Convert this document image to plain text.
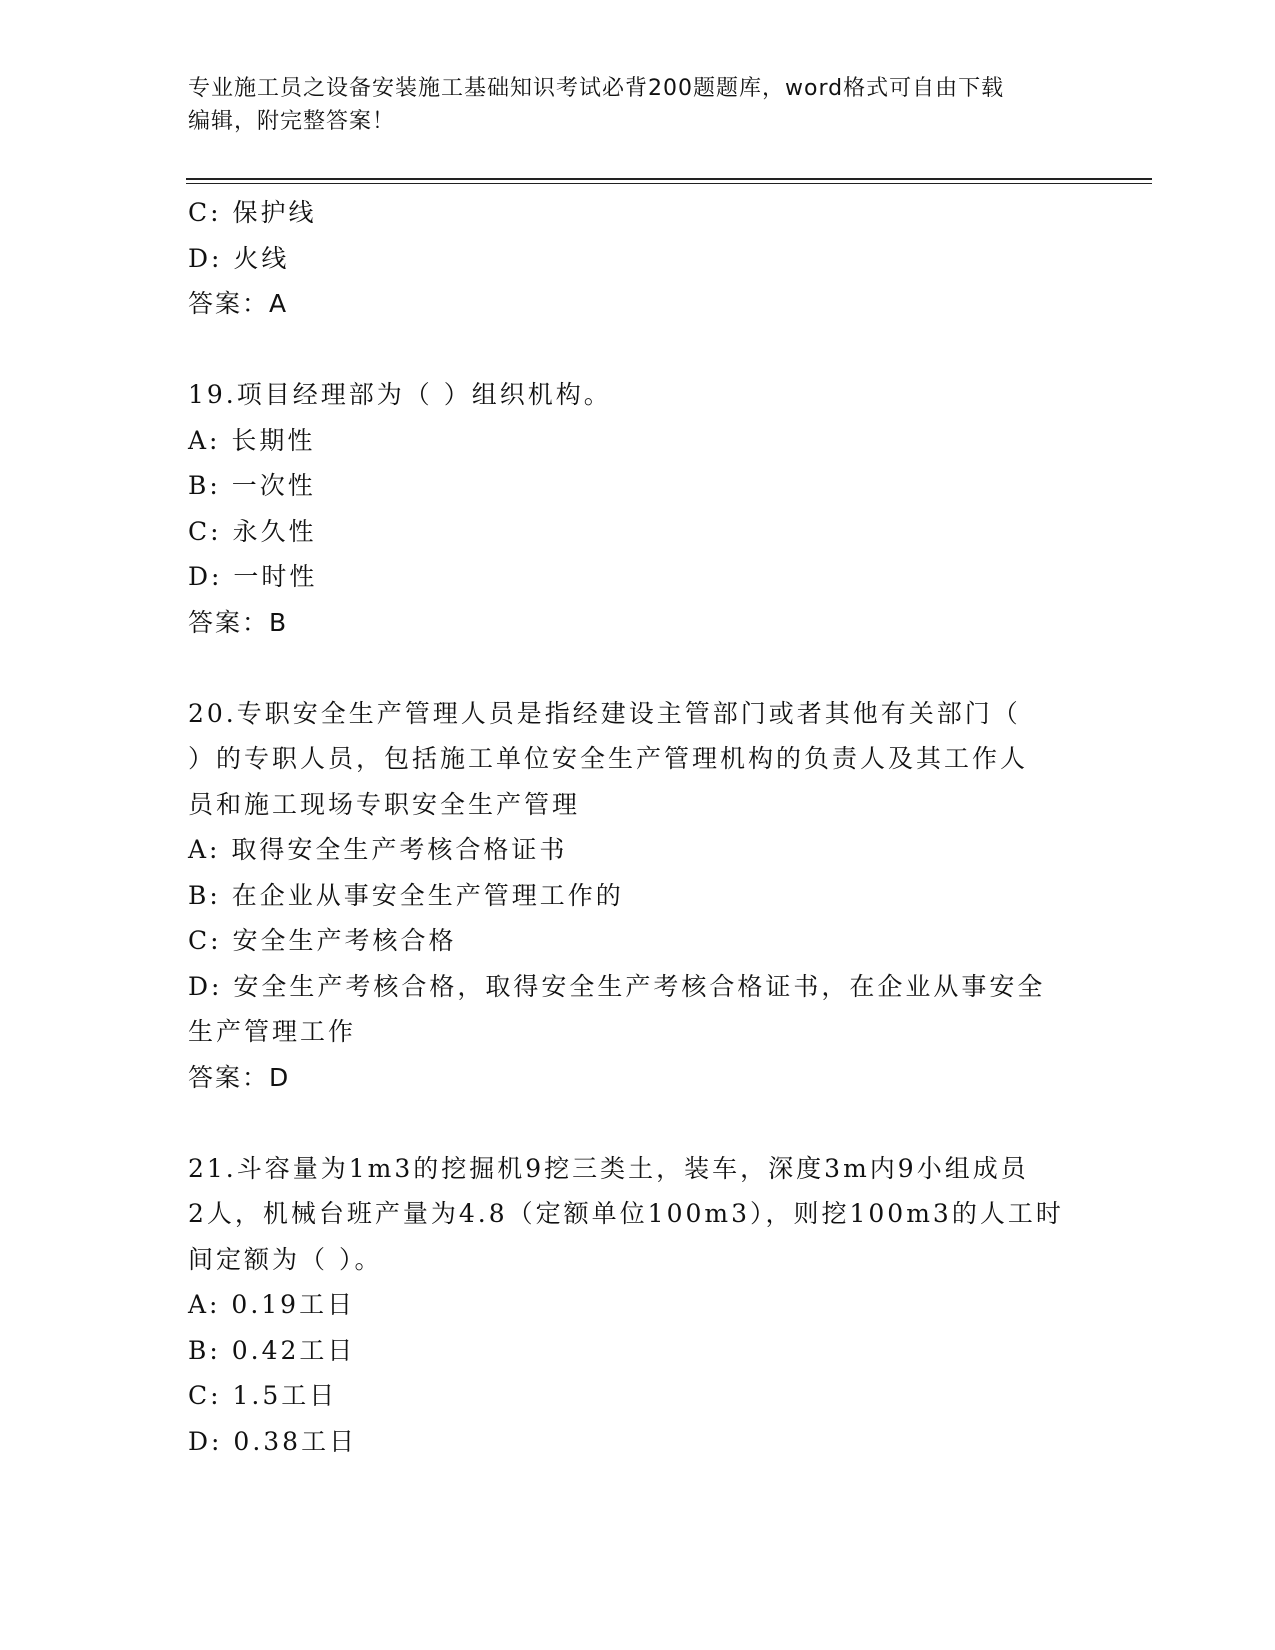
专业施工员之设备安装施工基础知识考试必背200题题库，word格式可自由下载
编辑，附完整答案！
C: 保护线
D: 火线
答案：A
19.项目经理部为（ ）组织机构。
A: 长期性
B: 一次性
C: 永久性
D: 一时性
答案：B
20.专职安全生产管理人员是指经建设主管部门或者其他有关部门（
）的专职人员，包括施工单位安全生产管理机构的负责人及其工作人
员和施工现场专职安全生产管理
A: 取得安全生产考核合格证书
B: 在企业从事安全生产管理工作的
C: 安全生产考核合格
D: 安全生产考核合格，取得安全生产考核合格证书，在企业从事安全
生产管理工作
答案：D
21.斗容量为1m3的挖掘机9挖三类土，装车，深度3m内9小组成员
2人，机械台班产量为4.8（定额单位100m3），则挖100m3的人工时
间定额为（ ）。
A: 0.19工日
B: 0.42工日
C: 1.5工日
D: 0.38工日
